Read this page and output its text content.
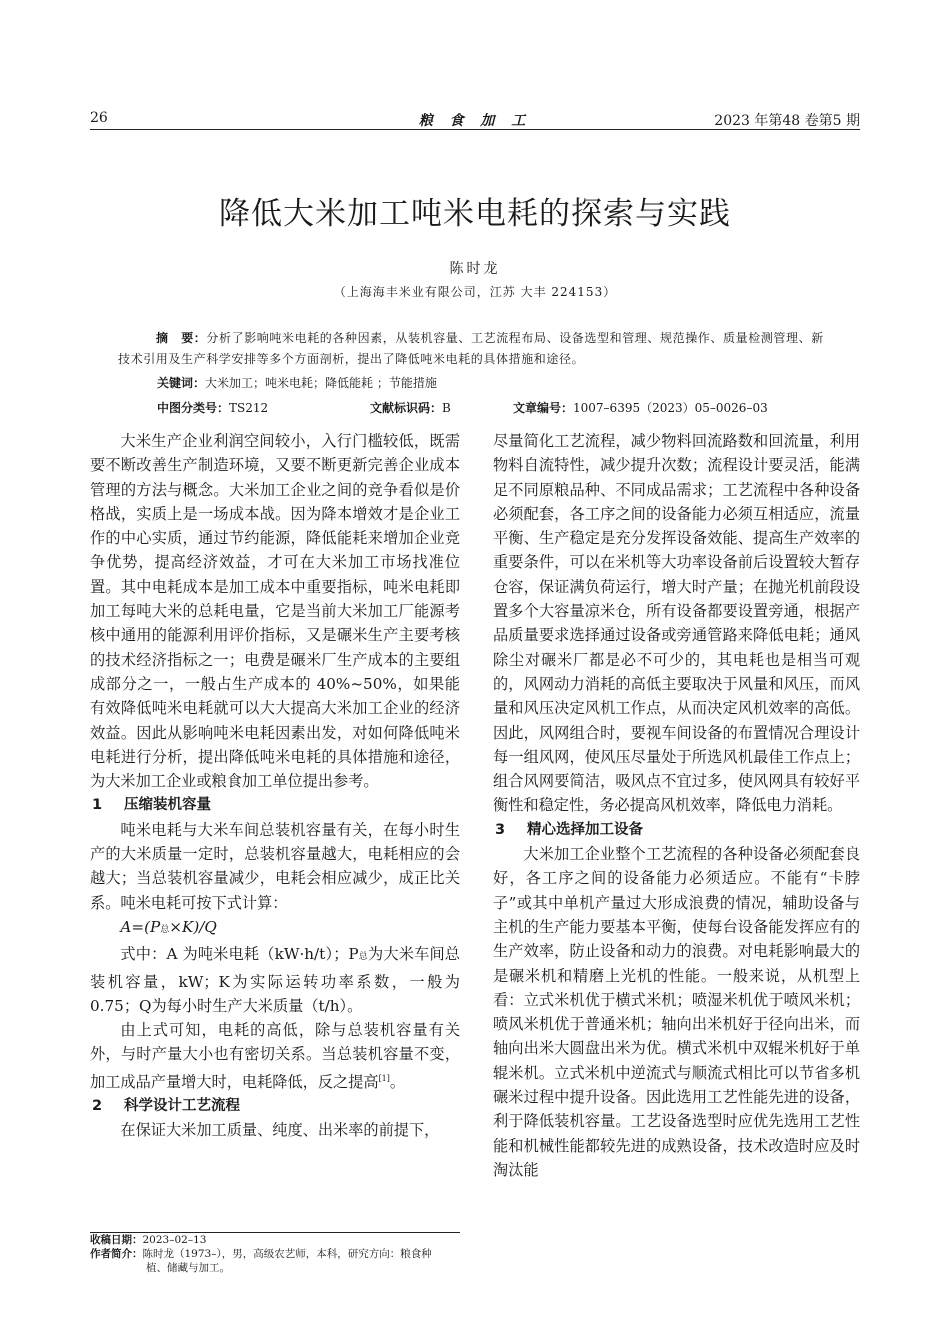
26	粮 食 加 工	2023 年第48 卷第5 期
降低大米加工吨米电耗的探索与实践
陈时龙
（上海海丰米业有限公司，江苏 大丰 224153）
摘　要：分析了影响吨米电耗的各种因素，从装机容量、工艺流程布局、设备选型和管理、规范操作、质量检测管理、新技术引用及生产科学安排等多个方面剖析，提出了降低吨米电耗的具体措施和途径。
关键词：大米加工；吨米电耗；降低能耗 ；节能措施
中图分类号：TS212	文献标识码：B	文章编号：1007–6395（2023）05–0026–03

大米生产企业利润空间较小，入行门槛较低，既需要不断改善生产制造环境，又要不断更新完善企业成本管理的方法与概念。大米加工企业之间的竞争看似是价格战，实质上是一场成本战。因为降本增效才是企业工作的中心实质，通过节约能源，降低能耗来增加企业竞争优势，提高经济效益，才可在大米加工市场找准位置。其中电耗成本是加工成本中重要指标，吨米电耗即加工每吨大米的总耗电量，它是当前大米加工厂能源考核中通用的能源利用评价指标，又是碾米生产主要考核的技术经济指标之一；电费是碾米厂生产成本的主要组成部分之一，一般占生产成本的 40%~50%，如果能有效降低吨米电耗就可以大大提高大米加工企业的经济效益。因此从影响吨米电耗因素出发，对如何降低吨米电耗进行分析，提出降低吨米电耗的具体措施和途径，为大米加工企业或粮食加工单位提出参考。

1 压缩装机容量

吨米电耗与大米车间总装机容量有关，在每小时生产的大米质量一定时，总装机容量越大，电耗相应的会越大；当总装机容量减少，电耗会相应减少，成正比关系。吨米电耗可按下式计算：

A=(P总×K)/Q

式中：A 为吨米电耗（kW·h/t）；P总为大米车间总装机容量，kW；K为实际运转功率系数，一般为0.75；Q为每小时生产大米质量（t/h）。

由上式可知，电耗的高低，除与总装机容量有关外，与时产量大小也有密切关系。当总装机容量不变，加工成品产量增大时，电耗降低，反之提高[1]。

2 科学设计工艺流程

在保证大米加工质量、纯度、出米率的前提下，

收稿日期：2023–02–13
作者简介：陈时龙（1973–），男，高级农艺师，本科，研究方向：粮食种
植、储藏与加工。

尽量简化工艺流程，减少物料回流路数和回流量，利用物料自流特性，减少提升次数；流程设计要灵活，能满足不同原粮品种、不同成品需求；工艺流程中各种设备必须配套，各工序之间的设备能力必须互相适应，流量平衡、生产稳定是充分发挥设备效能、提高生产效率的重要条件，可以在米机等大功率设备前后设置较大暂存仓容，保证满负荷运行，增大时产量；在抛光机前段设置多个大容量凉米仓，所有设备都要设置旁通，根据产品质量要求选择通过设备或旁通管路来降低电耗；通风除尘对碾米厂都是必不可少的，其电耗也是相当可观的，风网动力消耗的高低主要取决于风量和风压，而风量和风压决定风机工作点，从而决定风机效率的高低。因此，风网组合时，要视车间设备的布置情况合理设计每一组风网，使风压尽量处于所选风机最佳工作点上；组合风网要简洁，吸风点不宜过多，使风网具有较好平衡性和稳定性，务必提高风机效率，降低电力消耗。

3 精心选择加工设备

大米加工企业整个工艺流程的各种设备必须配套良好，各工序之间的设备能力必须适应。不能有“卡脖子”或其中单机产量过大形成浪费的情况，辅助设备与主机的生产能力要基本平衡，使每台设备能发挥应有的生产效率，防止设备和动力的浪费。对电耗影响最大的是碾米机和精磨上光机的性能。一般来说，从机型上看：立式米机优于横式米机；喷湿米机优于喷风米机；喷风米机优于普通米机；轴向出米机好于径向出米，而轴向出米大圆盘出米为优。横式米机中双辊米机好于单辊米机。立式米机中逆流式与顺流式相比可以节省多机碾米过程中提升设备。因此选用工艺性能先进的设备，利于降低装机容量。工艺设备选型时应优先选用工艺性能和机械性能都较先进的成熟设备，技术改造时应及时淘汰能
